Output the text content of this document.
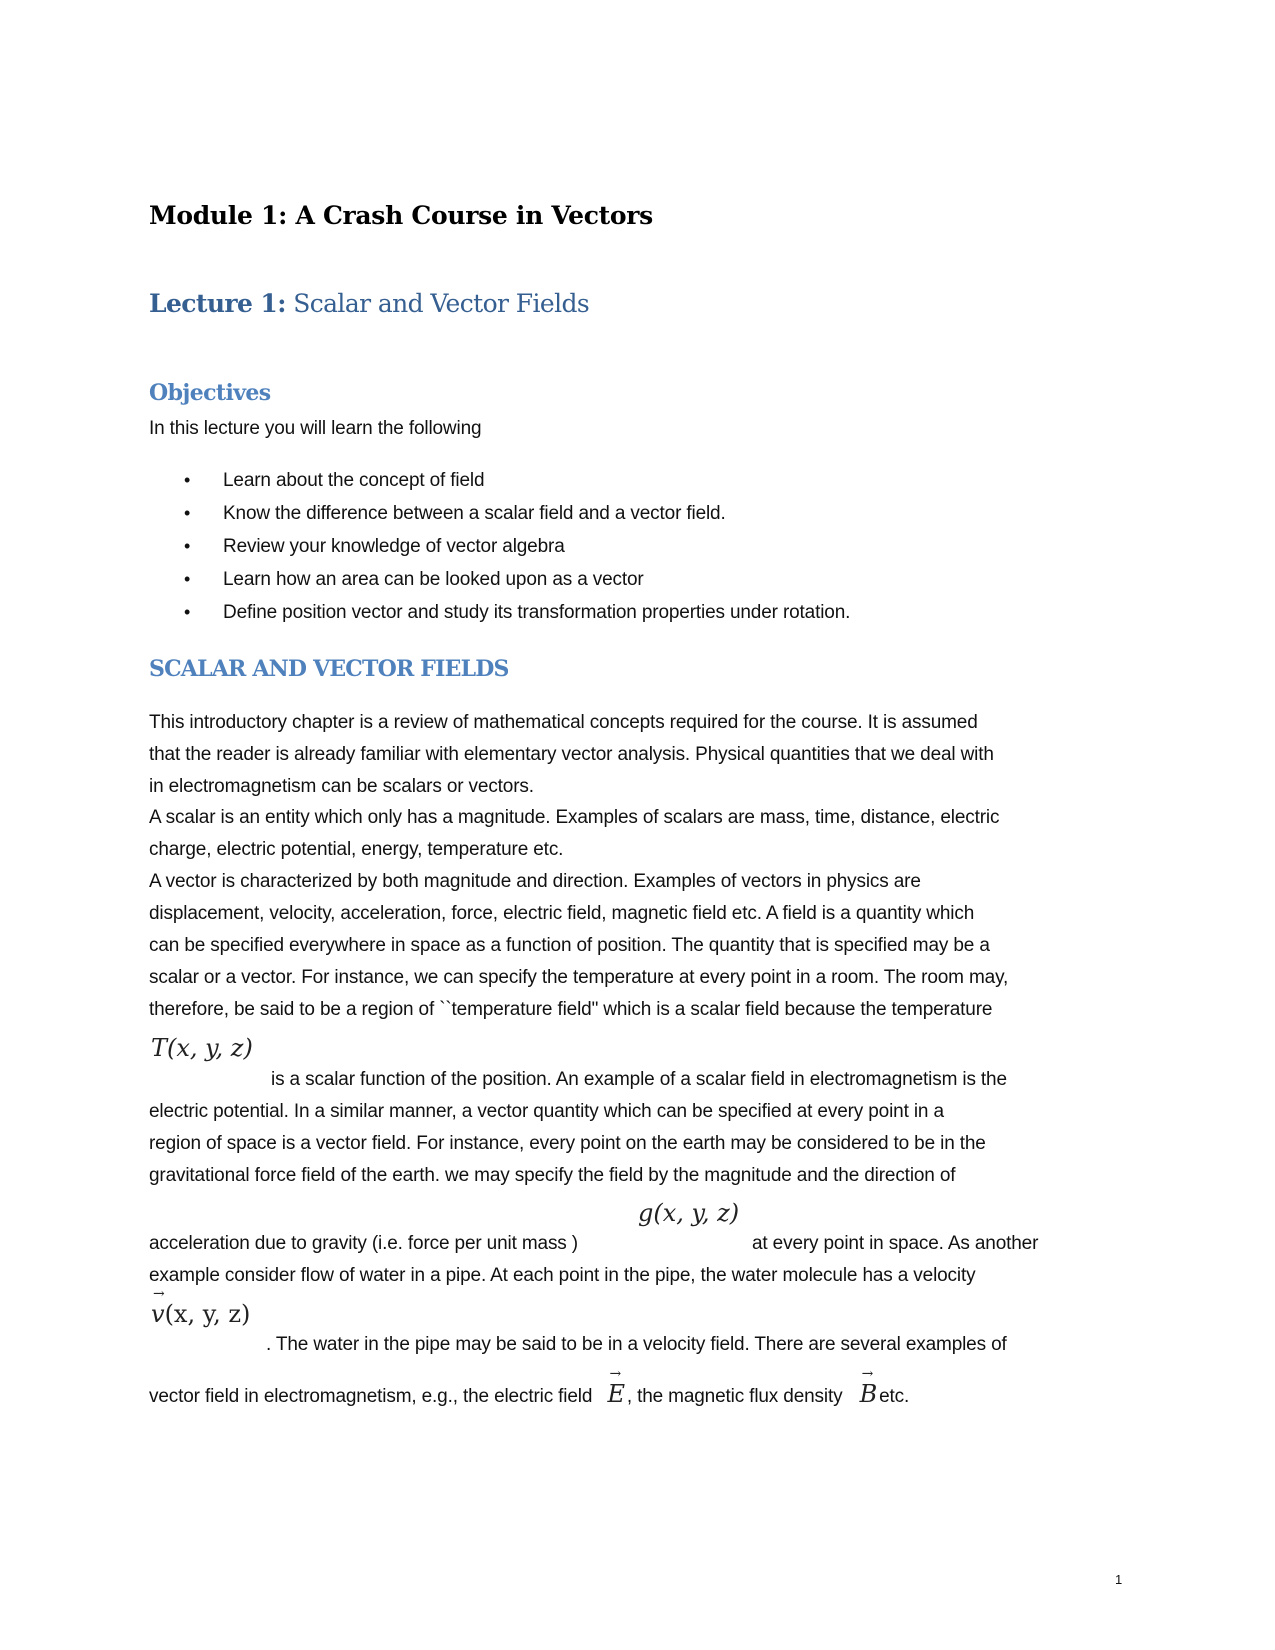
Module 1: A Crash Course in Vectors
Lecture 1: Scalar and Vector Fields
Objectives
In this lecture you will learn the following
• Learn about the concept of field
• Know the difference between a scalar field and a vector field.
• Review your knowledge of vector algebra
• Learn how an area can be looked upon as a vector
• Define position vector and study its transformation properties under rotation.
SCALAR AND VECTOR FIELDS
This introductory chapter is a review of mathematical concepts required for the course. It is assumed
that the reader is already familiar with elementary vector analysis. Physical quantities that we deal with
in electromagnetism can be scalars or vectors.
A scalar is an entity which only has a magnitude. Examples of scalars are mass, time, distance, electric
charge, electric potential, energy, temperature etc.
A vector is characterized by both magnitude and direction. Examples of vectors in physics are
displacement, velocity, acceleration, force, electric field, magnetic field etc. A field is a quantity which
can be specified everywhere in space as a function of position. The quantity that is specified may be a
scalar or a vector. For instance, we can specify the temperature at every point in a room. The room may,
therefore, be said to be a region of ``temperature field" which is a scalar field because the temperature
T(x, y, z)
is a scalar function of the position. An example of a scalar field in electromagnetism is the
electric potential. In a similar manner, a vector quantity which can be specified at every point in a
region of space is a vector field. For instance, every point on the earth may be considered to be in the
gravitational force field of the earth. we may specify the field by the magnitude and the direction of
g(x, y, z)
acceleration due to gravity (i.e. force per unit mass )	at every point in space. As another
example consider flow of water in a pipe. At each point in the pipe, the water molecule has a velocity
→ v(x, y, z)
. The water in the pipe may be said to be in a velocity field. There are several examples of
vector field in electromagnetism, e.g., the electric field → E , the magnetic flux density → B etc.
1
